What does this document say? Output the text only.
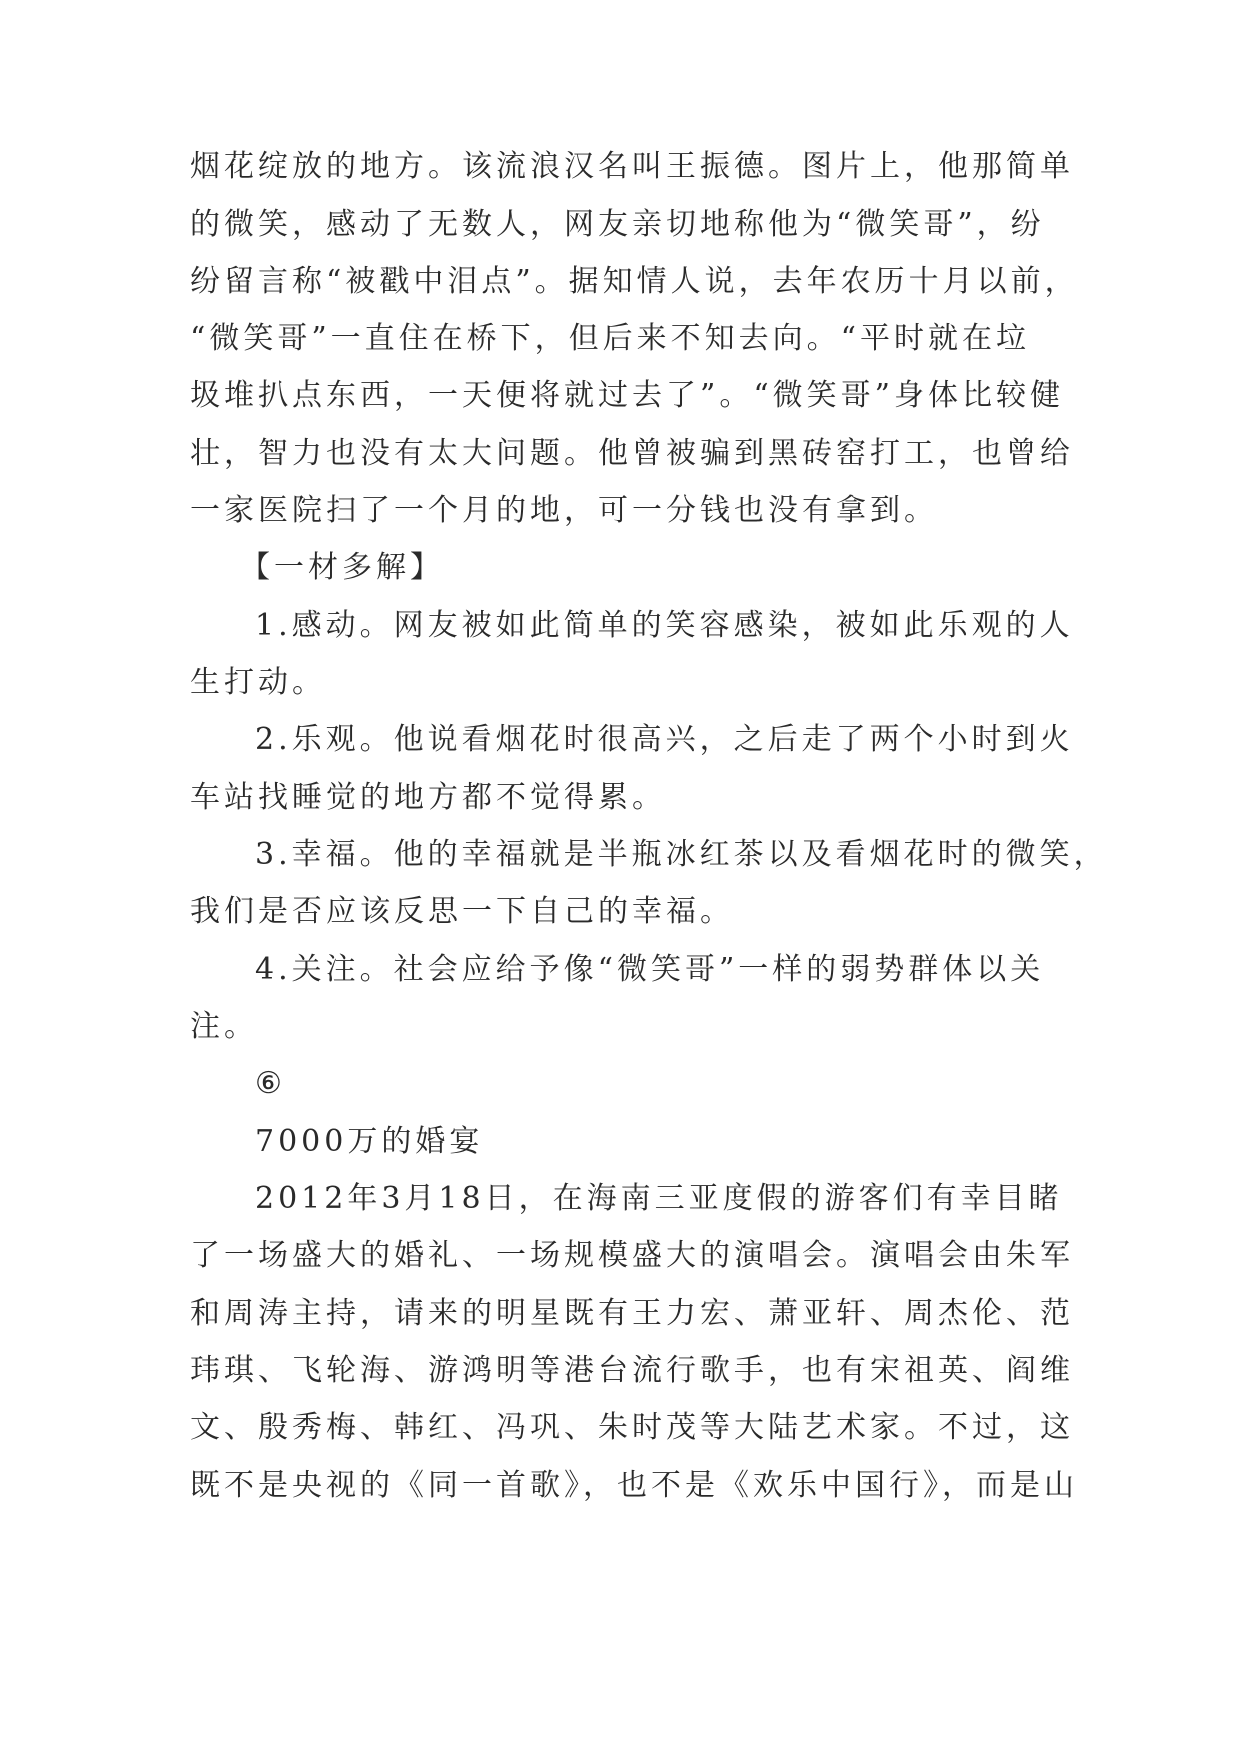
烟花绽放的地方。该流浪汉名叫王振德。图片上，他那简单
的微笑，感动了无数人，网友亲切地称他为“微笑哥”，纷
纷留言称“被戳中泪点”。据知情人说，去年农历十月以前，
“微笑哥”一直住在桥下，但后来不知去向。“平时就在垃
圾堆扒点东西，一天便将就过去了”。“微笑哥”身体比较健
壮，智力也没有太大问题。他曾被骗到黑砖窑打工，也曾给
一家医院扫了一个月的地，可一分钱也没有拿到。
【一材多解】
1.感动。网友被如此简单的笑容感染，被如此乐观的人
生打动。
2.乐观。他说看烟花时很高兴，之后走了两个小时到火
车站找睡觉的地方都不觉得累。
3.幸福。他的幸福就是半瓶冰红茶以及看烟花时的微笑，
我们是否应该反思一下自己的幸福。
4.关注。社会应给予像“微笑哥”一样的弱势群体以关
注。
⑥
7000万的婚宴
2012年3月18日，在海南三亚度假的游客们有幸目睹
了一场盛大的婚礼、一场规模盛大的演唱会。演唱会由朱军
和周涛主持，请来的明星既有王力宏、萧亚轩、周杰伦、范
玮琪、飞轮海、游鸿明等港台流行歌手，也有宋祖英、阎维
文、殷秀梅、韩红、冯巩、朱时茂等大陆艺术家。不过，这
既不是央视的《同一首歌》，也不是《欢乐中国行》，而是山
